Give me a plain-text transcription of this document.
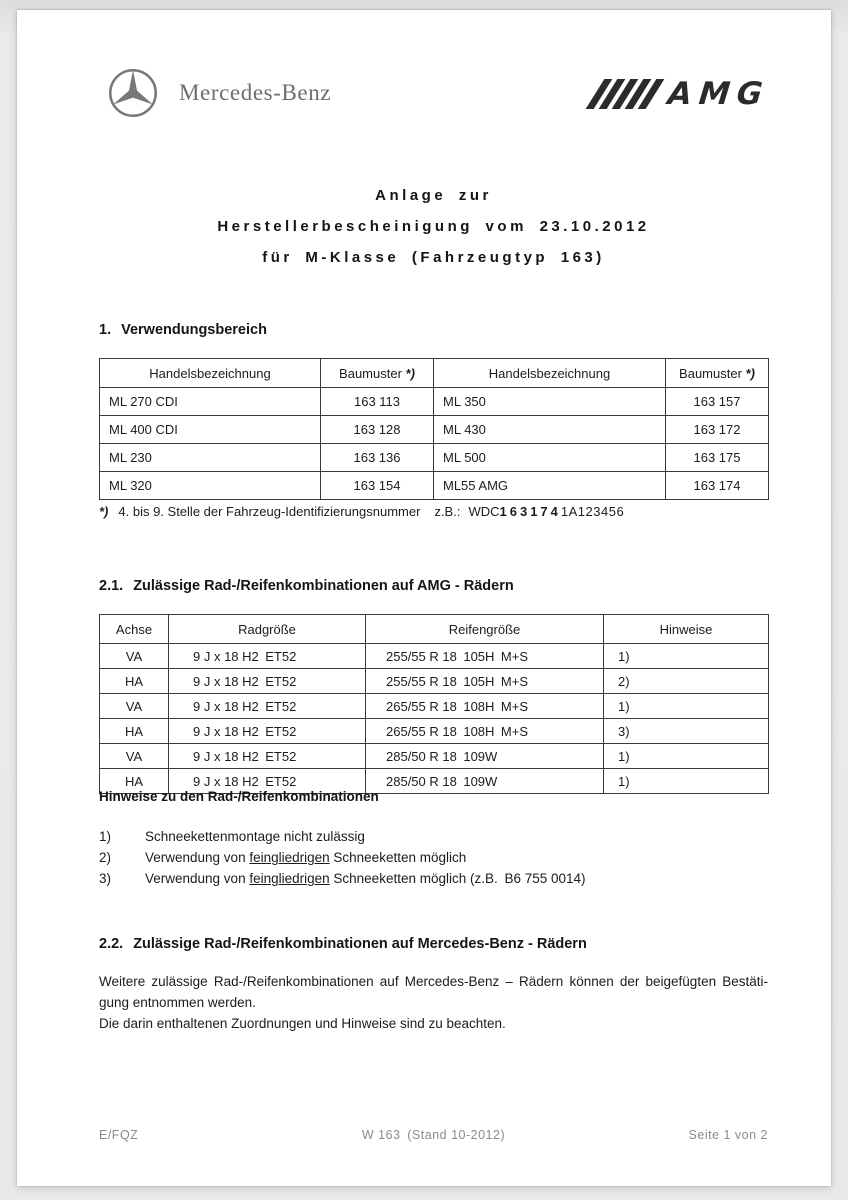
Mercedes-Benz	AMG
Anlage zur
Herstellerbescheinigung vom 23.10.2012
für M-Klasse (Fahrzeugtyp 163)
1. Verwendungsbereich
Handelsbezeichnung	Baumuster *)	Handelsbezeichnung	Baumuster *)
ML 270 CDI	163 113	ML 350	163 157
ML 400 CDI	163 128	ML 430	163 172
ML 230	163 136	ML 500	163 175
ML 320	163 154	ML55 AMG	163 174
*) 4. bis 9. Stelle der Fahrzeug-Identifizierungsnummer z.B.: WDC1631741A123456
2.1. Zulässige Rad-/Reifenkombinationen auf AMG - Rädern
Achse	Radgröße	Reifengröße	Hinweise
VA	9 J x 18 H2 ET52	255/55 R 18 105H M+S	1)
HA	9 J x 18 H2 ET52	255/55 R 18 105H M+S	2)
VA	9 J x 18 H2 ET52	265/55 R 18 108H M+S	1)
HA	9 J x 18 H2 ET52	265/55 R 18 108H M+S	3)
VA	9 J x 18 H2 ET52	285/50 R 18 109W	1)
HA	9 J x 18 H2 ET52	285/50 R 18 109W	1)
Hinweise zu den Rad-/Reifenkombinationen
1)	Schneekettenmontage nicht zulässig
2)	Verwendung von feingliedrigen Schneeketten möglich
3)	Verwendung von feingliedrigen Schneeketten möglich (z.B. B6 755 0014)
2.2. Zulässige Rad-/Reifenkombinationen auf Mercedes-Benz - Rädern
Weitere zulässige Rad-/Reifenkombinationen auf Mercedes-Benz – Rädern können der beigefügten Bestäti-
gung entnommen werden.
Die darin enthaltenen Zuordnungen und Hinweise sind zu beachten.
E/FQZ	W 163 (Stand 10-2012)	Seite 1 von 2
